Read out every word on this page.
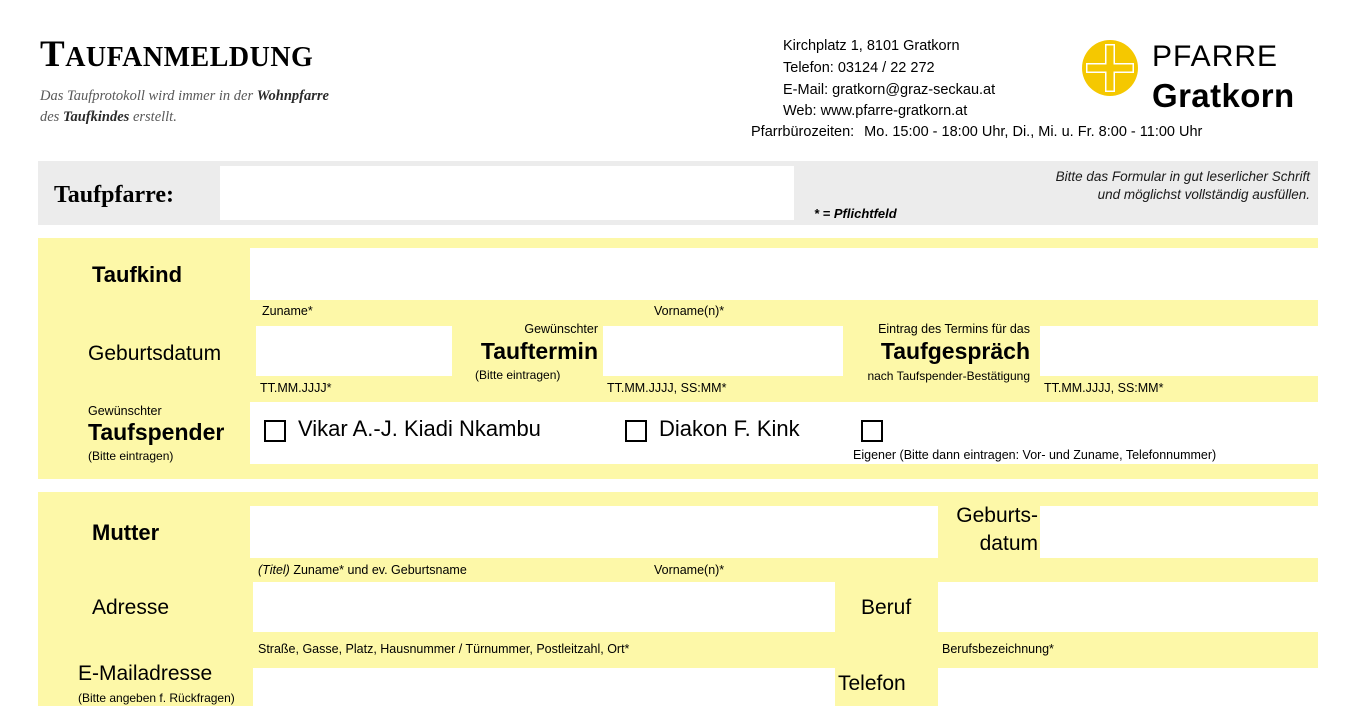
TAUFANMELDUNG
Das Taufprotokoll wird immer in der Wohnpfarre
des Taufkindes erstellt.
Kirchplatz 1, 8101 Gratkorn
Telefon: 03124 / 22 272
E-Mail: gratkorn@graz-seckau.at
Web: www.pfarre-gratkorn.at
Pfarrbürozeiten: Mo. 15:00 - 18:00 Uhr, Di., Mi. u. Fr. 8:00 - 11:00 Uhr
PFARRE
Gratkorn
Taufpfarre:
Bitte das Formular in gut leserlicher Schrift
und möglichst vollständig ausfüllen.
* = Pflichtfeld
Taufkind
Zuname*	Vorname(n)*
Geburtsdatum
TT.MM.JJJJ*
Gewünschter
Tauftermin
(Bitte eintragen)
TT.MM.JJJJ, SS:MM*
Eintrag des Termins für das
Taufgespräch
nach Taufspender-Bestätigung
TT.MM.JJJJ, SS:MM*
Gewünschter
Taufspender
(Bitte eintragen)
Vikar A.-J. Kiadi Nkambu	Diakon F. Kink
Eigener (Bitte dann eintragen: Vor- und Zuname, Telefonnummer)
Mutter
(Titel) Zuname* und ev. Geburtsname	Vorname(n)*
Geburts-
datum
Adresse
Straße, Gasse, Platz, Hausnummer / Türnummer, Postleitzahl, Ort*
Beruf
Berufsbezeichnung*
E-Mailadresse
(Bitte angeben f. Rückfragen)
Telefon
